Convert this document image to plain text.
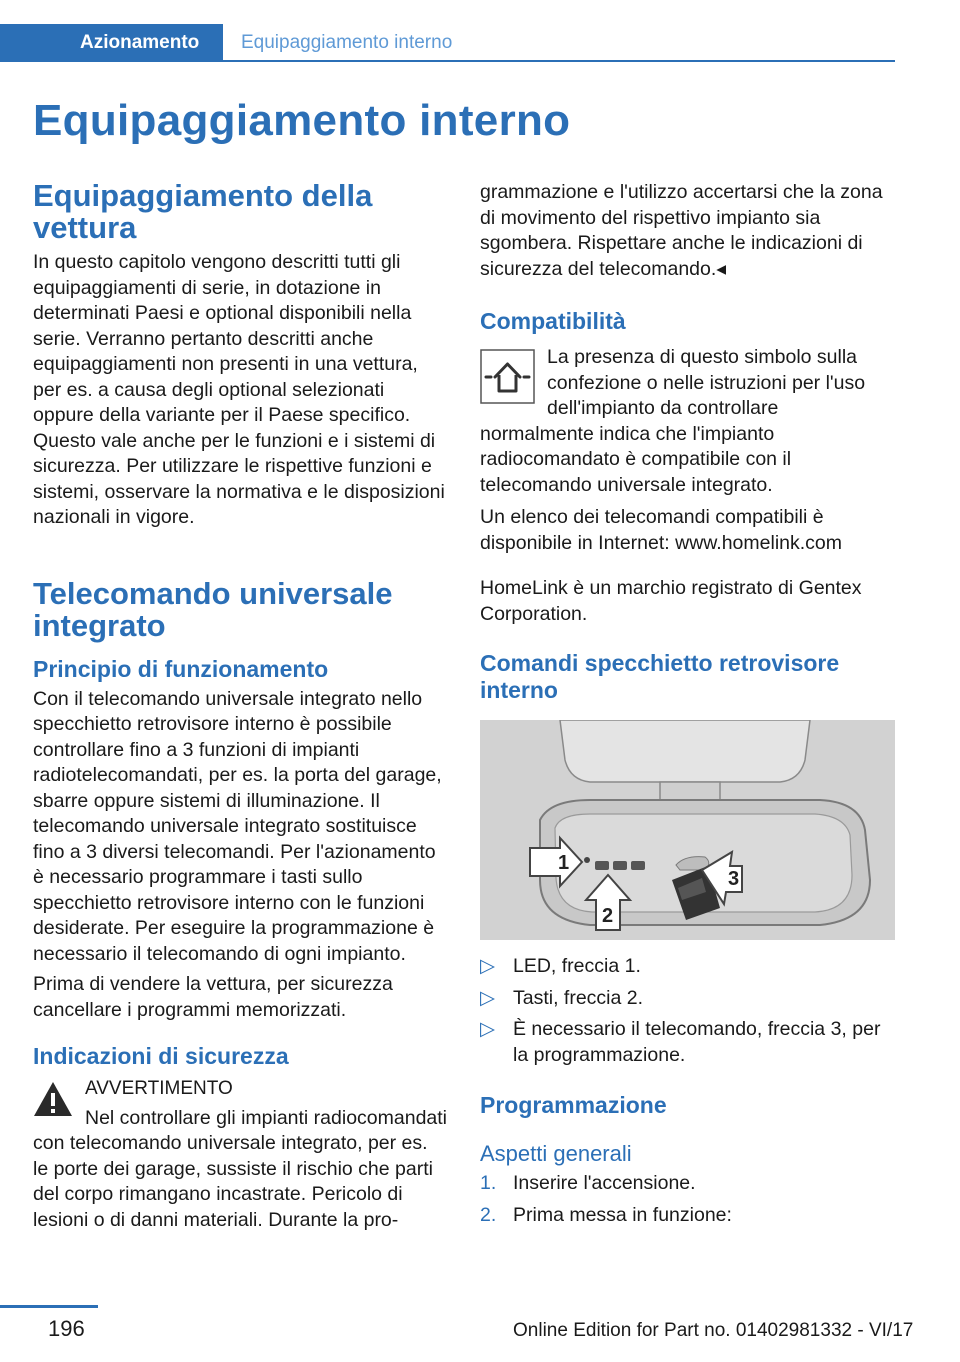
Azionamento	Equipaggiamento interno
Equipaggiamento interno
Equipaggiamento della vettura

In questo capitolo vengono descritti tutti gli equipaggiamenti di serie, in dotazione in determinati Paesi e optional disponibili nella serie. Verranno pertanto descritti anche equipaggiamenti non presenti in una vettura, per es. a causa degli optional selezionati oppure della variante per il Paese specifico. Questo vale anche per le funzioni e i sistemi di sicurezza. Per utilizzare le rispettive funzioni e sistemi, osservare la normativa e le disposizioni nazionali in vigore.

Telecomando universale integrato
Principio di funzionamento

Con il telecomando universale integrato nello specchietto retrovisore interno è possibile controllare fino a 3 funzioni di impianti radiotelecomandati, per es. la porta del garage, sbarre oppure sistemi di illuminazione. Il telecomando universale integrato sostituisce fino a 3 diversi telecomandi. Per l'azionamento è necessario programmare i tasti sullo specchietto retrovisore interno con le funzioni desiderate. Per eseguire la programmazione è necessario il telecomando di ogni impianto.

Prima di vendere la vettura, per sicurezza cancellare i programmi memorizzati.

Indicazioni di sicurezza

AVVERTIMENTO

Nel controllare gli impianti radiocomandati con telecomando universale integrato, per es. le porte dei garage, sussiste il rischio che parti del corpo rimangano incastrate. Pericolo di lesioni o di danni materiali. Durante la pro-

grammazione e l'utilizzo accertarsi che la zona di movimento del rispettivo impianto sia sgombera. Rispettare anche le indicazioni di sicurezza del telecomando.◂

Compatibilità

La presenza di questo simbolo sulla confezione o nelle istruzioni per l'uso dell'impianto da controllare normalmente indica che l'impianto radiocomandato è compatibile con il telecomando universale integrato.

Un elenco dei telecomandi compatibili è disponibile in Internet: www.homelink.com

HomeLink è un marchio registrato di Gentex Corporation.

Comandi specchietto retrovisore interno
1
2
3
▷ LED, freccia 1.
▷ Tasti, freccia 2.
▷ È necessario il telecomando, freccia 3, per la programmazione.
Programmazione
Aspetti generali
1. Inserire l'accensione.
2. Prima messa in funzione:
196	Online Edition for Part no. 01402981332 - VI/17
